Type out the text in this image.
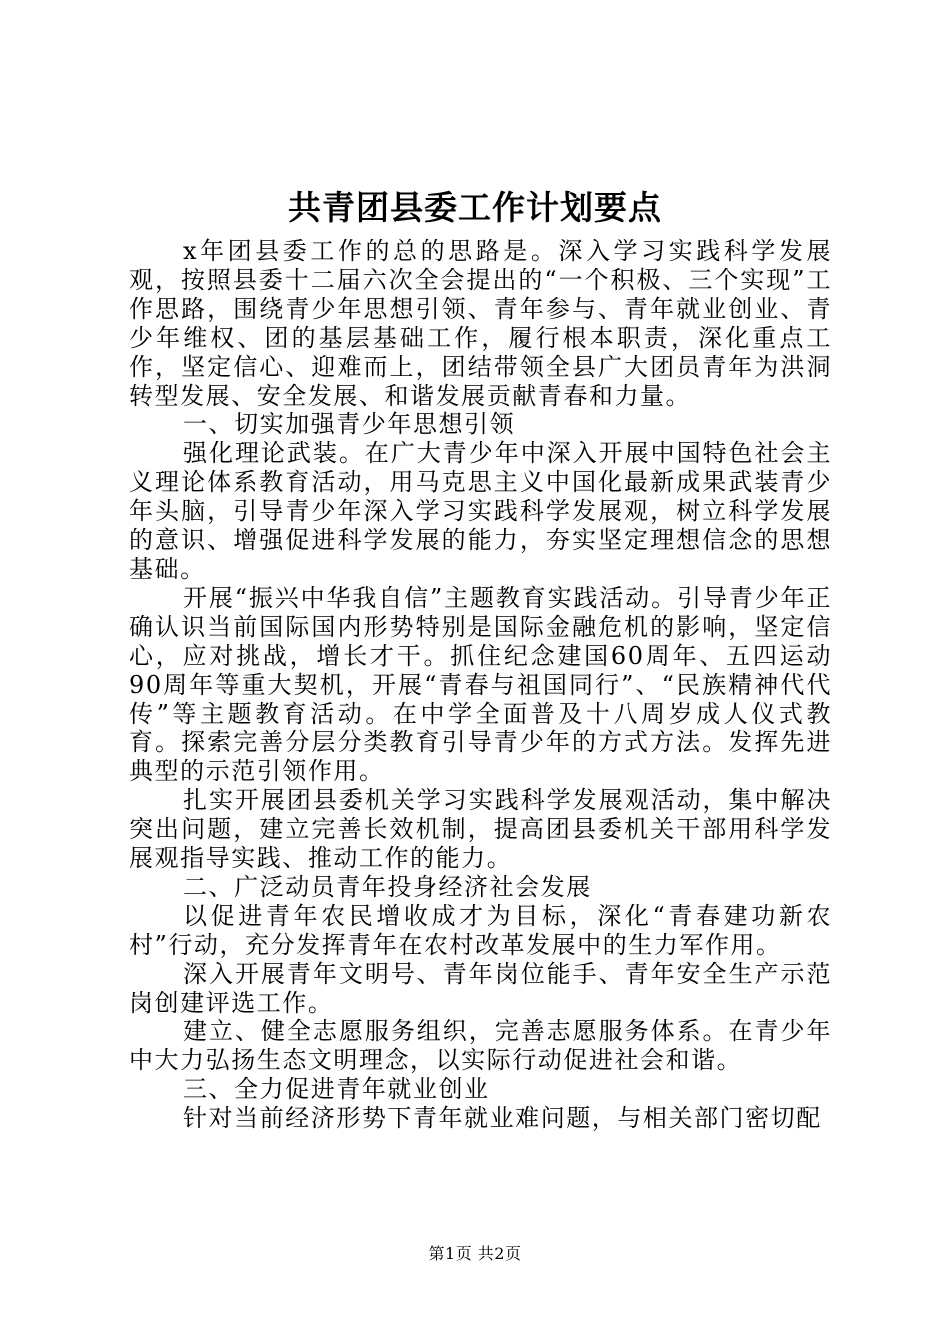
共青团县委工作计划要点

x年团县委工作的总的思路是。深入学习实践科学发展观，按照县委十二届六次全会提出的“一个积极、三个实现”工作思路，围绕青少年思想引领、青年参与、青年就业创业、青少年维权、团的基层基础工作，履行根本职责，深化重点工作，坚定信心、迎难而上，团结带领全县广大团员青年为洪洞转型发展、安全发展、和谐发展贡献青春和力量。

一、切实加强青少年思想引领

强化理论武装。在广大青少年中深入开展中国特色社会主义理论体系教育活动，用马克思主义中国化最新成果武装青少年头脑，引导青少年深入学习实践科学发展观，树立科学发展的意识、增强促进科学发展的能力，夯实坚定理想信念的思想基础。

开展“振兴中华我自信”主题教育实践活动。引导青少年正确认识当前国际国内形势特别是国际金融危机的影响，坚定信心，应对挑战，增长才干。抓住纪念建国60周年、五四运动90周年等重大契机，开展“青春与祖国同行”、“民族精神代代传”等主题教育活动。在中学全面普及十八周岁成人仪式教育。探索完善分层分类教育引导青少年的方式方法。发挥先进典型的示范引领作用。

扎实开展团县委机关学习实践科学发展观活动，集中解决突出问题，建立完善长效机制，提高团县委机关干部用科学发展观指导实践、推动工作的能力。

二、广泛动员青年投身经济社会发展

以促进青年农民增收成才为目标，深化“青春建功新农村”行动，充分发挥青年在农村改革发展中的生力军作用。

深入开展青年文明号、青年岗位能手、青年安全生产示范岗创建评选工作。

建立、健全志愿服务组织，完善志愿服务体系。在青少年中大力弘扬生态文明理念，以实际行动促进社会和谐。

三、全力促进青年就业创业

针对当前经济形势下青年就业难问题，与相关部门密切配

第1页 共2页
